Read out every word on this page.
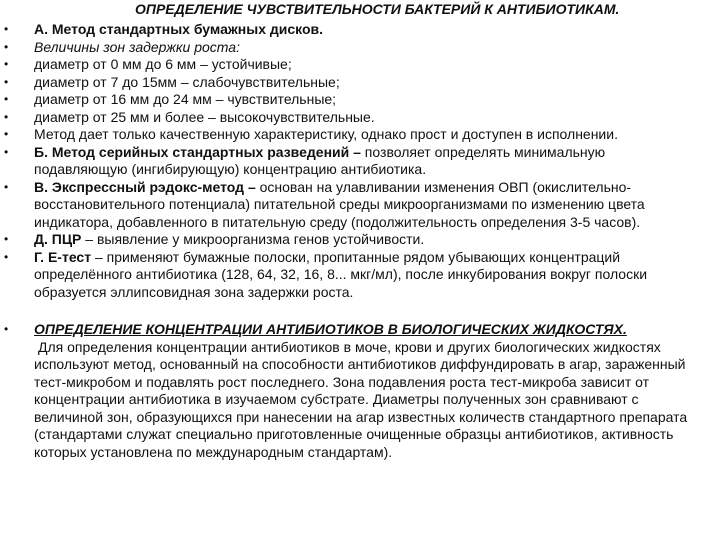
ОПРЕДЕЛЕНИЕ ЧУВСТВИТЕЛЬНОСТИ БАКТЕРИЙ К АНТИБИОТИКАМ.
• А. Метод стандартных бумажных дисков.
• Величины зон задержки роста:
• диаметр от 0 мм до 6 мм – устойчивые;
• диаметр от 7 до 15мм – слабочувствительные;
• диаметр от 16 мм до 24 мм – чувствительные;
• диаметр от 25 мм и более – высокочувствительные.
• Метод дает только качественную характеристику, однако прост и доступен в исполнении.
• Б. Метод серийных стандартных разведений – позволяет определять минимальную подавляющую (ингибирующую) концентрацию антибиотика.
• В. Экспрессный рэдокс-метод – основан на улавливании изменения ОВП (окислительно-восстановительного потенциала) питательной среды микроорганизмами по изменению цвета индикатора, добавленного в питательную среду (подолжительность определения 3-5 часов).
• Д. ПЦР – выявление у микроорганизма генов устойчивости.
• Г. Е-тест – применяют бумажные полоски, пропитанные рядом убывающих концентраций определённого антибиотика (128, 64, 32, 16, 8... мкг/мл), после инкубирования вокруг полоски образуется эллипсовидная зона задержки роста.
• ОПРЕДЕЛЕНИЕ КОНЦЕНТРАЦИИ АНТИБИОТИКОВ В БИОЛОГИЧЕСКИХ ЖИДКОСТЯХ.
Для определения концентрации антибиотиков в моче, крови и других биологических жидкостях используют метод, основанный на способности антибиотиков диффундировать в агар, зараженный тест-микробом и подавлять рост последнего. Зона подавления роста тест-микроба зависит от концентрации антибиотика в изучаемом субстрате. Диаметры полученных зон сравнивают с величиной зон, образующихся при нанесении на агар известных количеств стандартного препарата (стандартами служат специально приготовленные очищенные образцы антибиотиков, активность которых установлена по международным стандартам).
